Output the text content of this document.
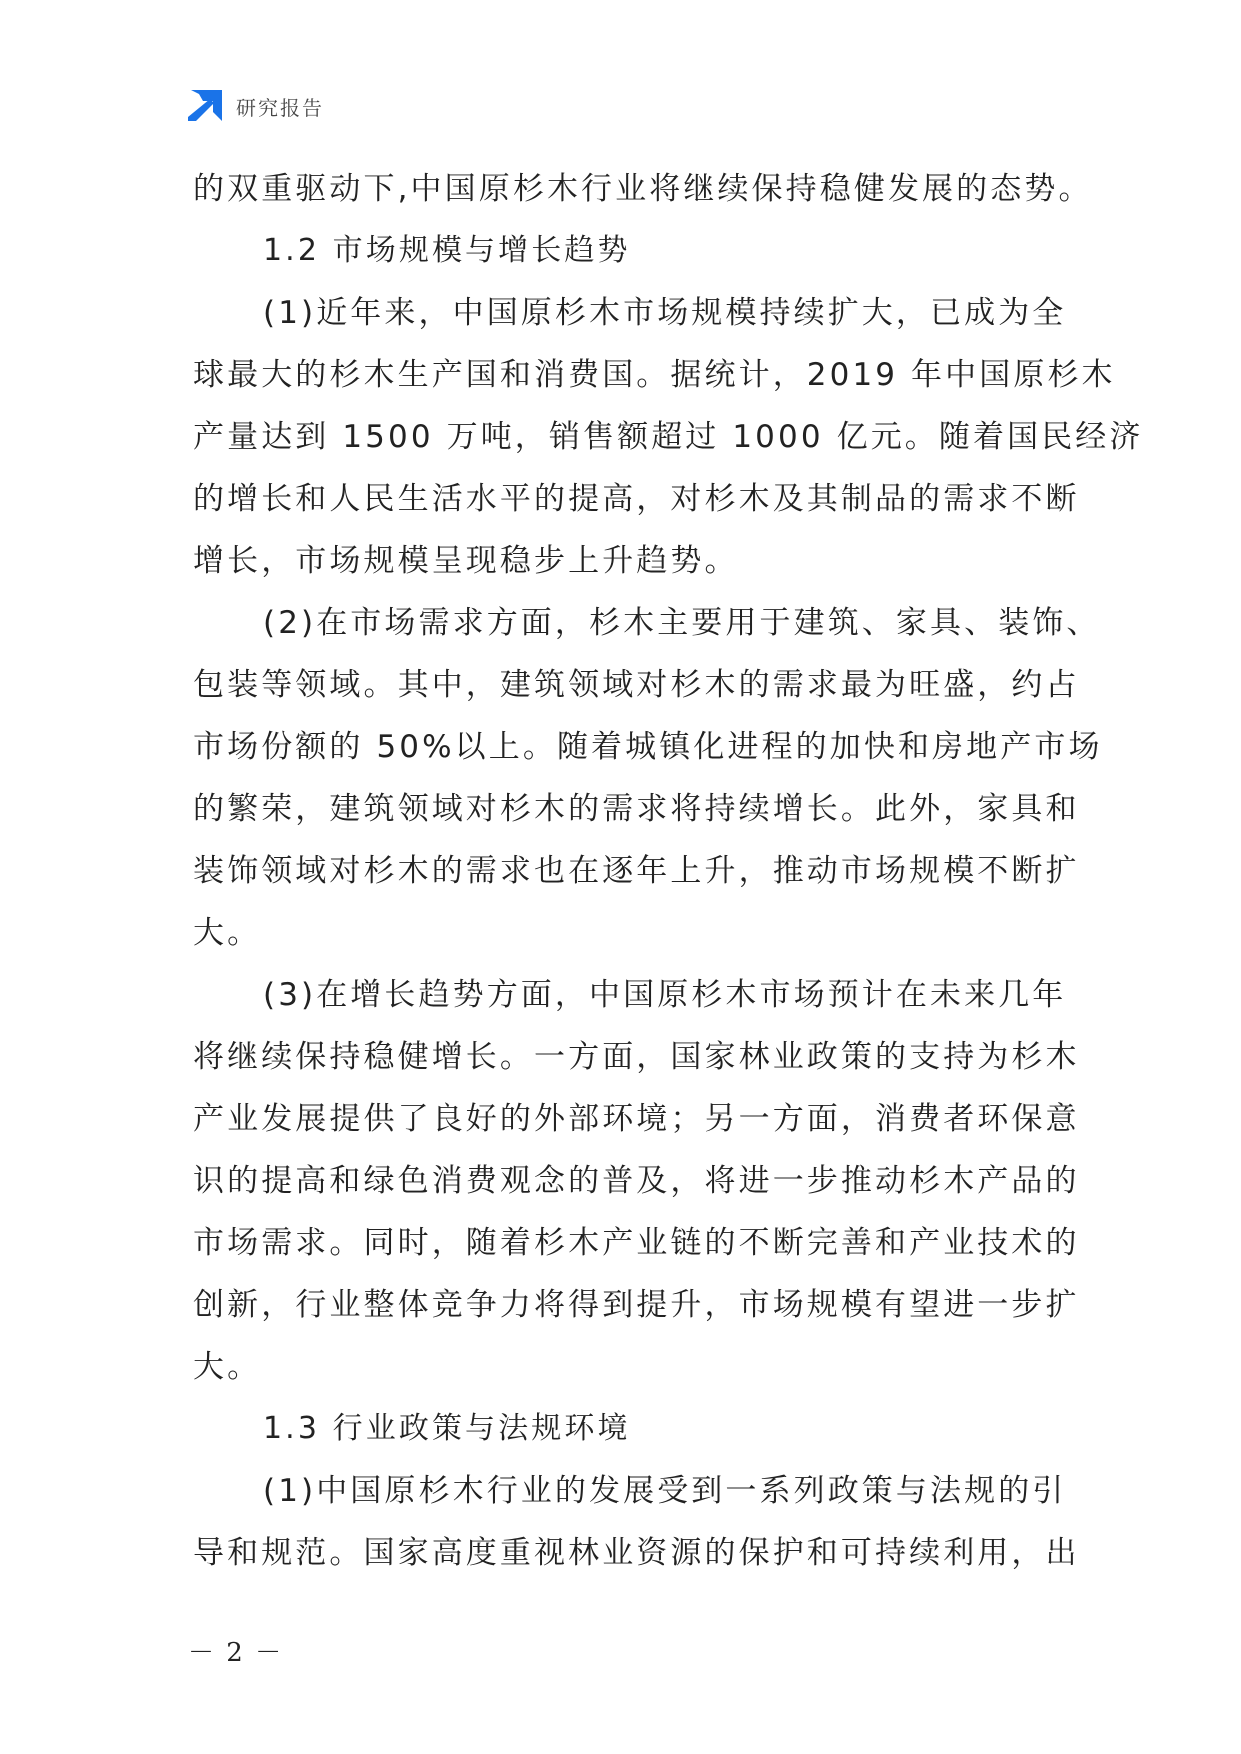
研究报告
的双重驱动下,中国原杉木行业将继续保持稳健发展的态势。
1.2 市场规模与增长趋势
(1)近年来，中国原杉木市场规模持续扩大，已成为全
球最大的杉木生产国和消费国。据统计，2019 年中国原杉木
产量达到 1500 万吨，销售额超过 1000 亿元。随着国民经济
的增长和人民生活水平的提高，对杉木及其制品的需求不断
增长，市场规模呈现稳步上升趋势。
(2)在市场需求方面，杉木主要用于建筑、家具、装饰、
包装等领域。其中，建筑领域对杉木的需求最为旺盛，约占
市场份额的 50%以上。随着城镇化进程的加快和房地产市场
的繁荣，建筑领域对杉木的需求将持续增长。此外，家具和
装饰领域对杉木的需求也在逐年上升，推动市场规模不断扩
大。
(3)在增长趋势方面，中国原杉木市场预计在未来几年
将继续保持稳健增长。一方面，国家林业政策的支持为杉木
产业发展提供了良好的外部环境；另一方面，消费者环保意
识的提高和绿色消费观念的普及，将进一步推动杉木产品的
市场需求。同时，随着杉木产业链的不断完善和产业技术的
创新，行业整体竞争力将得到提升，市场规模有望进一步扩
大。
1.3 行业政策与法规环境
(1)中国原杉木行业的发展受到一系列政策与法规的引
导和规范。国家高度重视林业资源的保护和可持续利用，出
－ 2 －
